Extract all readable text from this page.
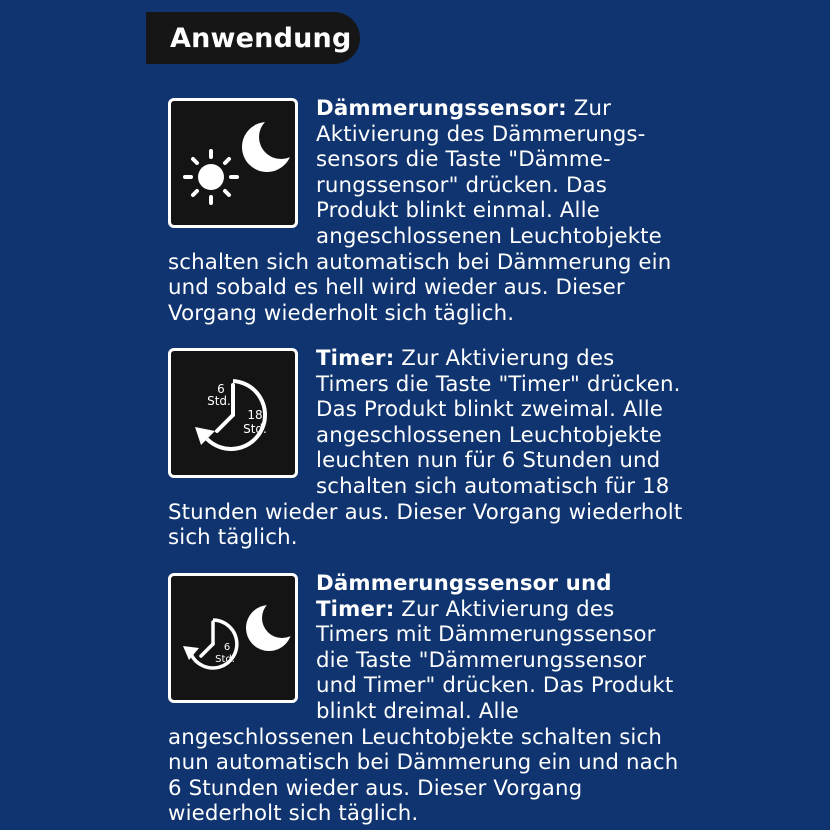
Anwendung

Dämmerungssensor: Zur Aktivierung des Dämmerungssensors die Taste "Dämmerungssensor" drücken. Das Produkt blinkt einmal. Alle angeschlossenen Leuchtobjekte schalten sich automatisch bei Dämmerung ein und sobald es hell wird wieder aus. Dieser Vorgang wiederholt sich täglich.

6
Std.
18
Std.

Timer: Zur Aktivierung des Timers die Taste "Timer" drücken. Das Produkt blinkt zweimal. Alle angeschlossenen Leuchtobjekte leuchten nun für 6 Stunden und schalten sich automatisch für 18 Stunden wieder aus. Dieser Vorgang wiederholt sich täglich.

6
Std.

Dämmerungssensor und Timer: Zur Aktivierung des Timers mit Dämmerungssensor die Taste "Dämmerungssensor und Timer" drücken. Das Produkt blinkt dreimal. Alle angeschlossenen Leuchtobjekte schalten sich nun automatisch bei Dämmerung ein und nach 6 Stunden wieder aus. Dieser Vorgang wiederholt sich täglich.
